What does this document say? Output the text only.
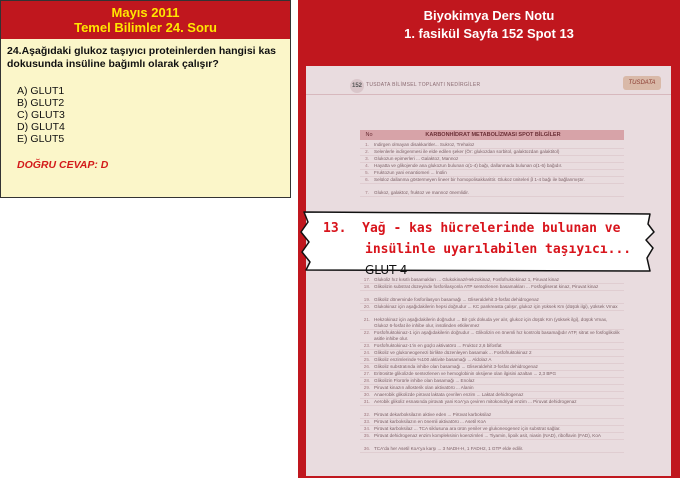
Mayıs 2011
Temel Bilimler 24. Soru

24.Aşağıdaki glukoz taşıyıcı proteinlerden hangisi kas dokusunda insüline bağımlı olarak çalışır?

A) GLUT1
B) GLUT2
C) GLUT3
D) GLUT4
E) GLUT5
DOĞRU CEVAP: D
Biyokimya Ders Notu
1. fasikül Sayfa 152 Spot 13
152 TUSDATA BİLİMSEL TOPLANTI NEDİRGİLER	TUSDATA
No	KARBONHİDRAT METABOLİZMASI SPOT BİLGİLER
1. Indirgen olmayan disakkaritler... Sukroz, Trehaloz
2. Selenlerle indirgenmesi ile elde edilen şeker (Ör: glukozdan sorbitol, galaktozdan galaktitol)
3. Glukozun epimerleri ... Galaktoz, Mannoz
4. Hayatta ve glikojende ana glukozun bulunan α(1-4) bağı, dallanmada bulunan α(1-6) bağıdır.
5. Fruktozun yani enantiomeri ... İnülin
6. Selüloz dallanma göstermeyen lineer bir homopolisakkarittir. Glukoz üniteleri β 1-4 bağı ile bağlanmıştır.
7. Glukoz, galaktoz, fruktoz ve mannoz önemlidir.
17. Glukoliz hız kısıtlı basamakları ... Glukokinaz/Hekzokinaz, Fosfofruktokinaz 1, Piruvat kinaz
18. Glikolizin substrat düzeyinde fosforilasyonla ATP sentezlenen basamakları ... Fosfogliserat kinaz, Piruvat kinaz
19. Glikoliz döneminde fosforilasyon basamağı ... Gliseraldehit 3-fosfat dehidrogenaz
20. Glukokinaz için aşağıdakilerin hepsi doğrudur ... KC pankreasta çalışır, glukoz için yüksek Km (düşük ilgi), yüksek Vmax
21. Hekzokinaz için aşağıdakilerin doğrudur ... Bir çok dokuda yer alır, glukoz için düşük Km (yüksek ilgi), düşük Vmax, Glukoz 6-fosfat ile inhibe olur, insülinden etkilenmez
22. Fosfofruktokinaz-1 için aşağıdakilerin doğrudur ... Glikolizin en önemli hız kontrolü basamağıdır ATP, sitrat ve fosfoglikolik asitle inhibe olur.
23. Fosfofruktokinaz-1'in en güçlü aktivatörü ... Fruktoz 2,6 bifosfat
24. Glikoliz ve glukoneogenezi birlikte düzenleyen basamak ... Fosfofruktokinaz 2
25. Glikoliz enzimlerinde %100 aktivite basamağı ... Aldolaz A
26. Glikoliz substratında inhibe olan basamağı ... Gliseraldehit 3-fosfat dehidrogenaz
27. Eritrositte glikolizde sentezlenen ve hemoglobinin oksijene olan ilgisini azaltan ... 2,3 BPG
28. Glikolizin Florürle inhibe olan basamağı ... Enolaz
29. Piruvat kinazın allosterik olan aktivatörü ... Alanin
30. Anaerobik glikolizde pirüvat laktata çevrilen enzim ... Laktat dehidrogenaz
31. Aerobik glikoliz esnasında pirüvatı yani KoA'ya çeviren mitokondriyal enzim ... Piruvat dehidrogenaz
32. Pirüvat dekarboksilazın aktive eden ... Pirüvat karboksilaz
33. Pirüvat karboksilazın en önemli aktivatörü ... Asetil KoA
34. Pirüvat karboksilaz ... TCA siklusuna ara ürün yeniler ve glukoneogenez için substrat sağlar.
35. Pirüvat dehidrogenaz enzim kompleksinin koenzimleri ... Tiyamin, lipoik asit, niasin (NAD), riboflavin (FAD), KoA
36. TCA'da her Asetil KoA'ya karşı ... 3 NADH-H, 1 FADH2, 1 GTP elde edilir.
13. Yağ - kas hücrelerinde bulunan ve
insülinle uyarılabilen taşıyıcı... GLUT-4
